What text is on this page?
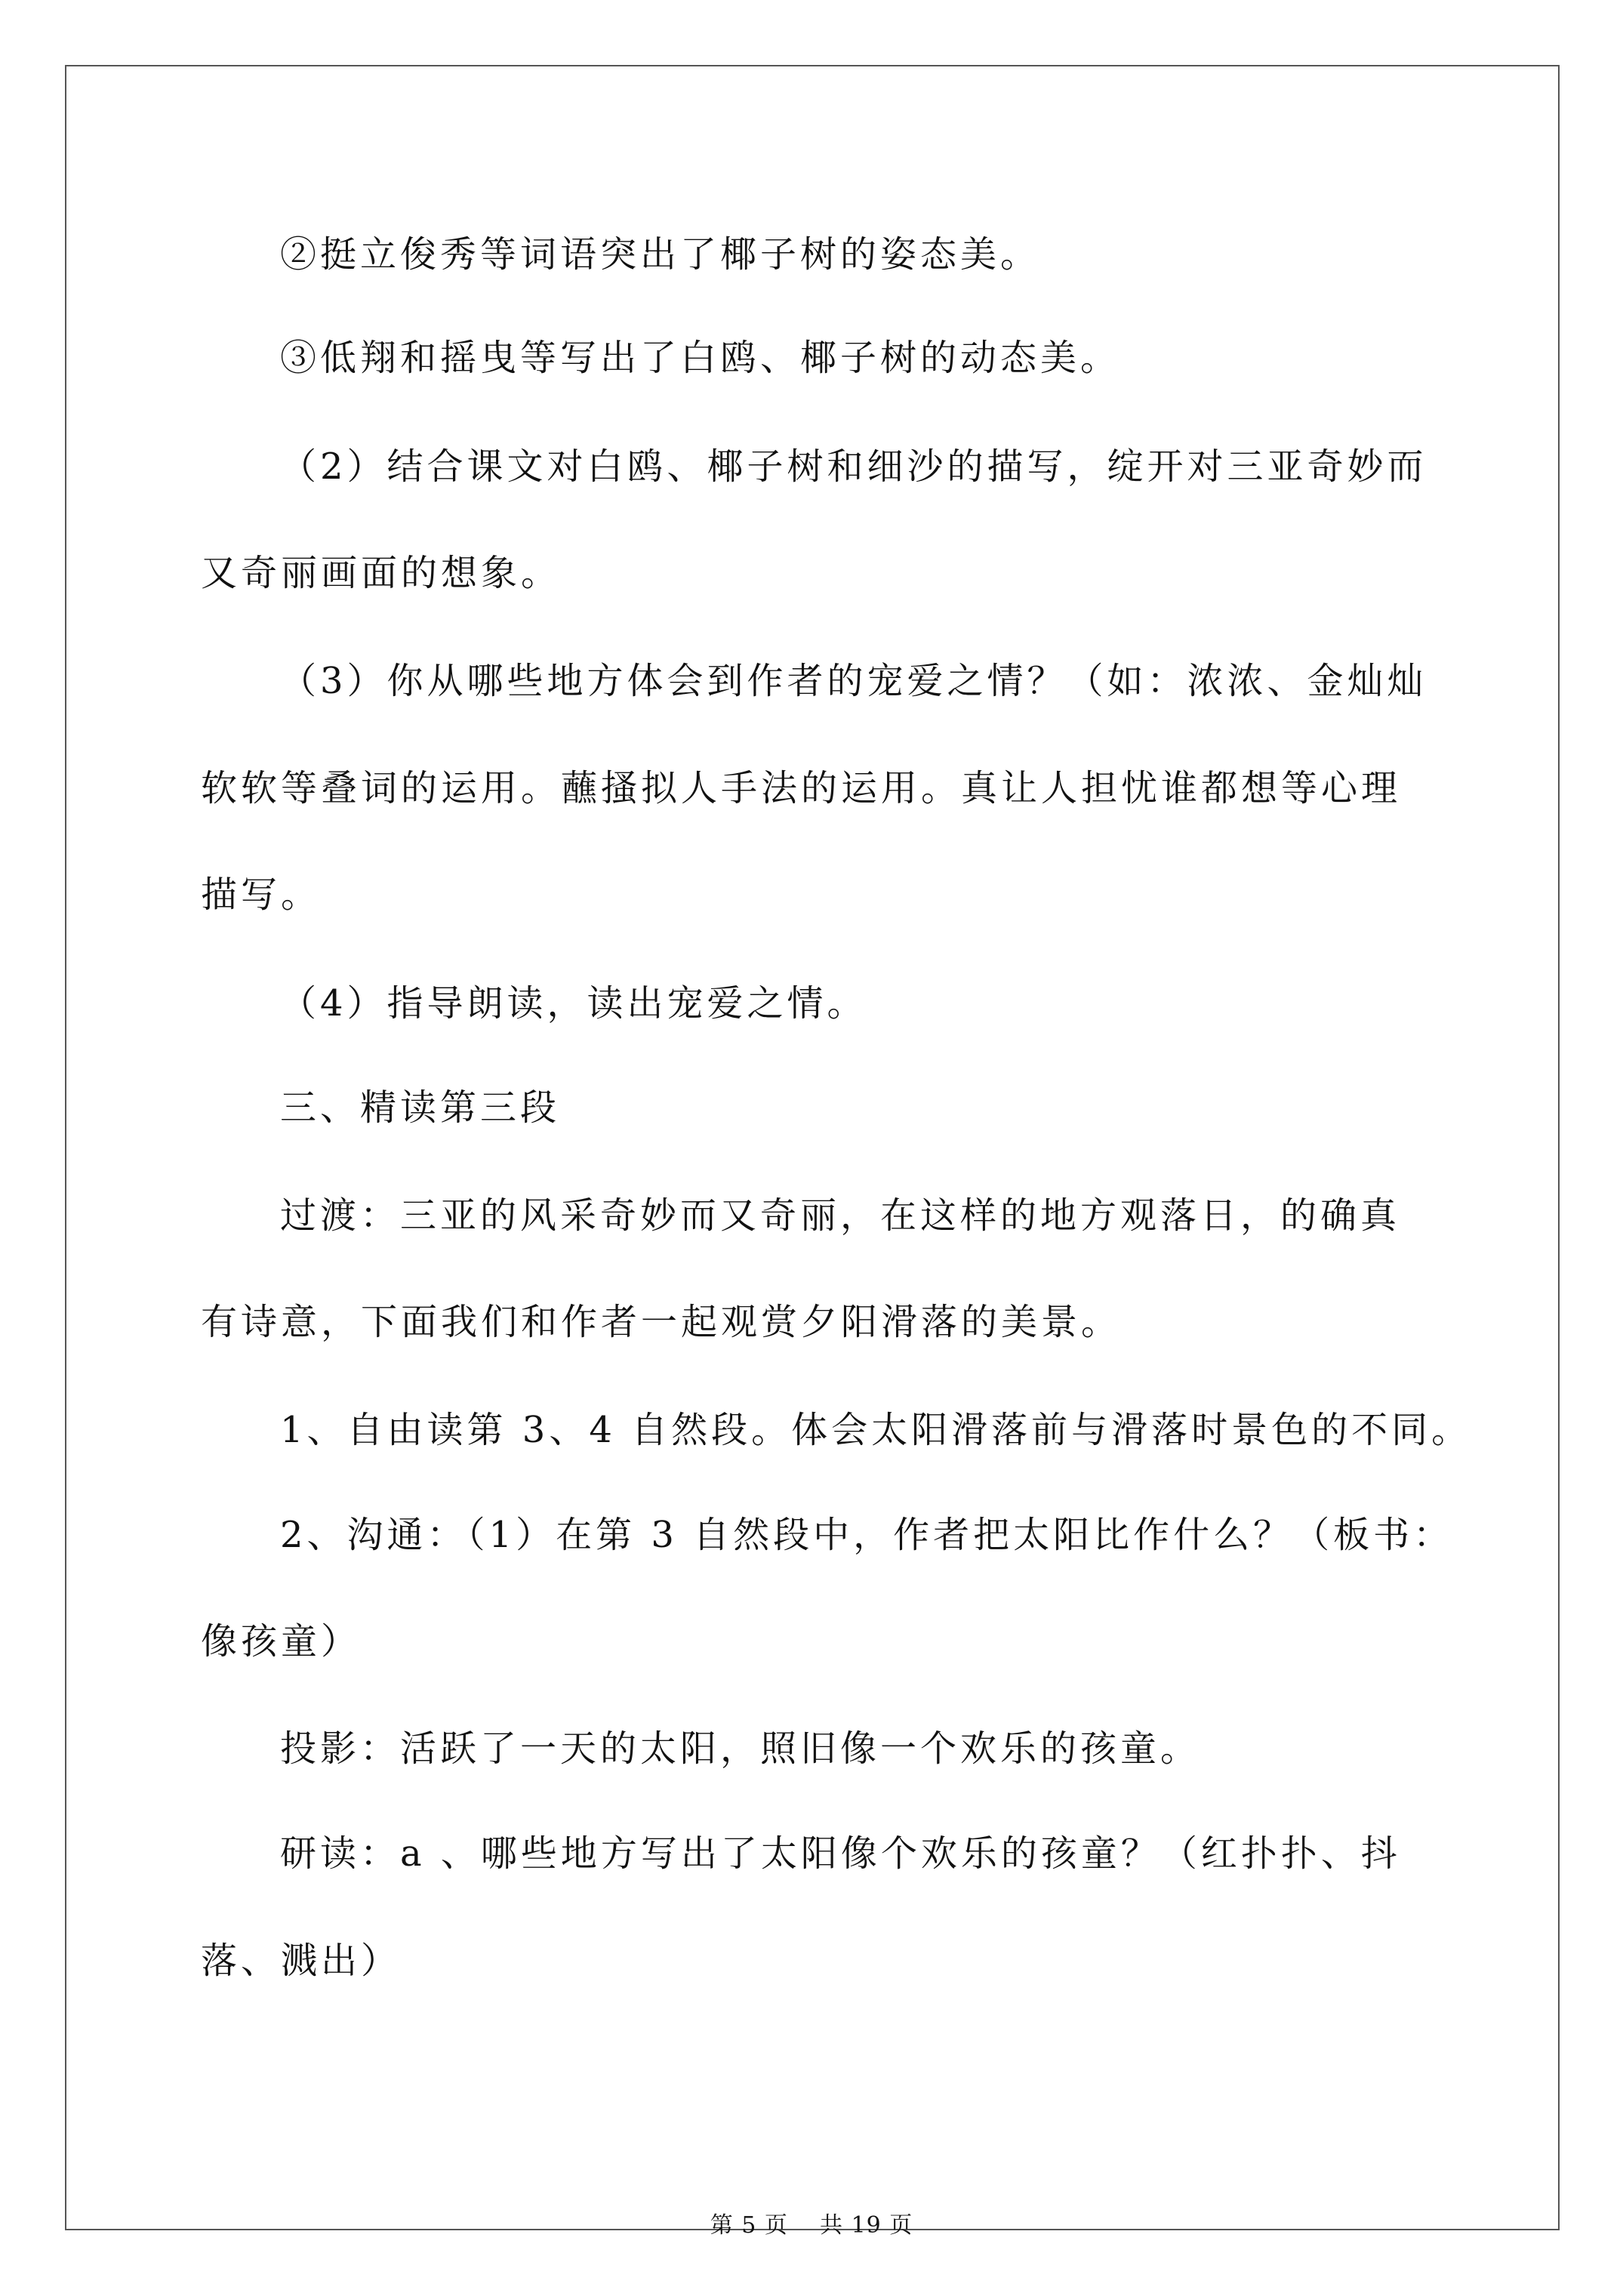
②挺立俊秀等词语突出了椰子树的姿态美。

③低翔和摇曳等写出了白鸥、椰子树的动态美。

（2）结合课文对白鸥、椰子树和细沙的描写，绽开对三亚奇妙而

又奇丽画面的想象。

（3）你从哪些地方体会到作者的宠爱之情？（如：浓浓、金灿灿

软软等叠词的运用。蘸搔拟人手法的运用。真让人担忧谁都想等心理

描写。

（4）指导朗读，读出宠爱之情。

三、精读第三段

过渡：三亚的风采奇妙而又奇丽，在这样的地方观落日，的确真

有诗意，下面我们和作者一起观赏夕阳滑落的美景。

1、自由读第 3、4 自然段。体会太阳滑落前与滑落时景色的不同。

2、沟通：（1）在第 3 自然段中，作者把太阳比作什么？（板书：

像孩童）

投影：活跃了一天的太阳，照旧像一个欢乐的孩童。

研读：a 、哪些地方写出了太阳像个欢乐的孩童？（红扑扑、抖

落、溅出）

第 5 页 共 19 页
